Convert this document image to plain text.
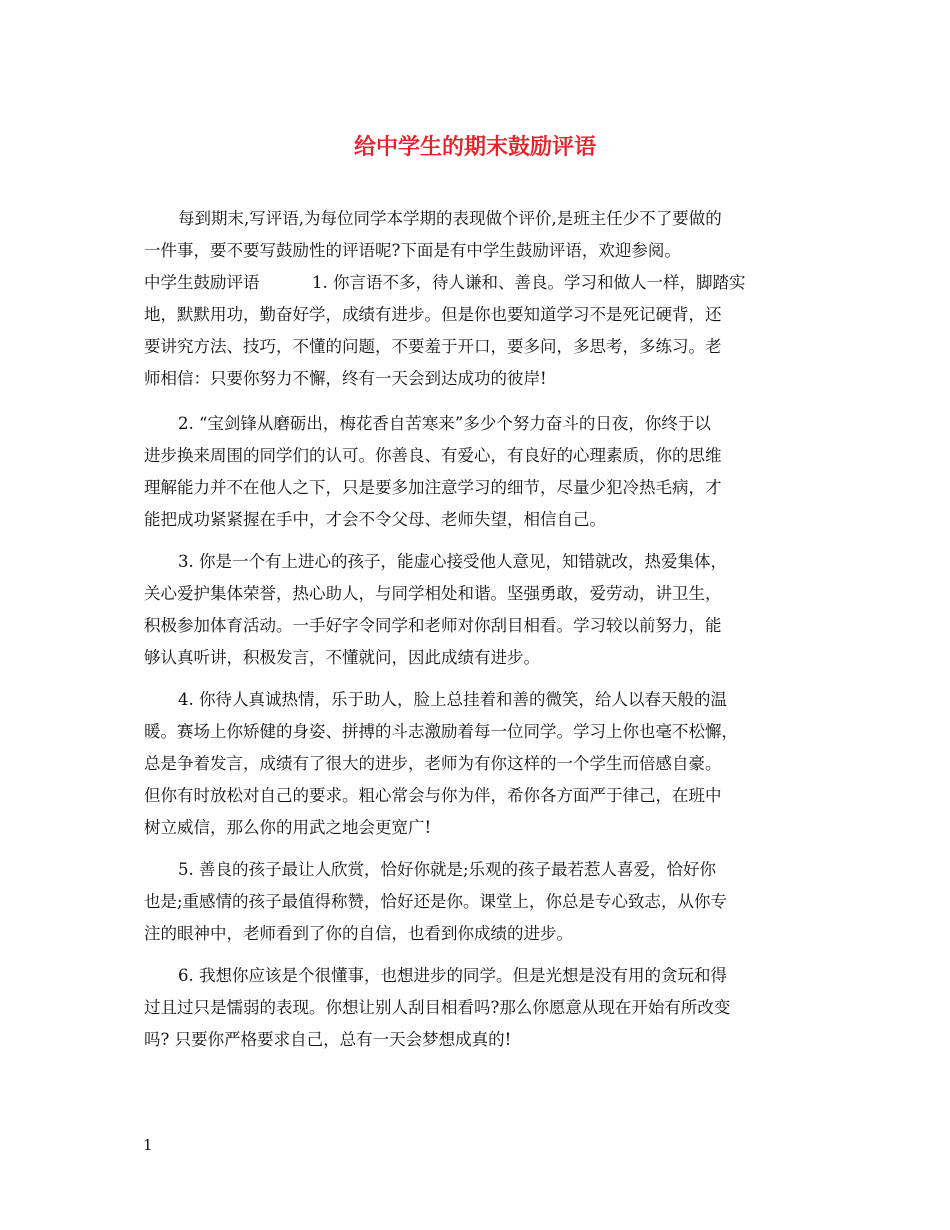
给中学生的期末鼓励评语

每到期末,写评语,为每位同学本学期的表现做个评价,是班主任少不了要做的

一件事，要不要写鼓励性的评语呢?下面是有中学生鼓励评语，欢迎参阅。

中学生鼓励评语	1. 你言语不多，待人谦和、善良。学习和做人一样，脚踏实

地，默默用功，勤奋好学，成绩有进步。但是你也要知道学习不是死记硬背，还

要讲究方法、技巧，不懂的问题，不要羞于开口，要多问，多思考，多练习。老

师相信：只要你努力不懈，终有一天会到达成功的彼岸!

2. “宝剑锋从磨砺出，梅花香自苦寒来”多少个努力奋斗的日夜，你终于以

进步换来周围的同学们的认可。你善良、有爱心，有良好的心理素质，你的思维

理解能力并不在他人之下，只是要多加注意学习的细节，尽量少犯冷热毛病，才

能把成功紧紧握在手中，才会不令父母、老师失望，相信自己。

3. 你是一个有上进心的孩子，能虚心接受他人意见，知错就改，热爱集体，

关心爱护集体荣誉，热心助人，与同学相处和谐。坚强勇敢，爱劳动，讲卫生，

积极参加体育活动。一手好字令同学和老师对你刮目相看。学习较以前努力，能

够认真听讲，积极发言，不懂就问，因此成绩有进步。

4. 你待人真诚热情，乐于助人，脸上总挂着和善的微笑，给人以春天般的温

暖。赛场上你矫健的身姿、拼搏的斗志激励着每一位同学。学习上你也毫不松懈，

总是争着发言，成绩有了很大的进步，老师为有你这样的一个学生而倍感自豪。

但你有时放松对自己的要求。粗心常会与你为伴，希你各方面严于律己，在班中

树立威信，那么你的用武之地会更宽广!

5. 善良的孩子最让人欣赏，恰好你就是;乐观的孩子最若惹人喜爱，恰好你

也是;重感情的孩子最值得称赞，恰好还是你。课堂上，你总是专心致志，从你专

注的眼神中，老师看到了你的自信，也看到你成绩的进步。

6. 我想你应该是个很懂事，也想进步的同学。但是光想是没有用的贪玩和得

过且过只是懦弱的表现。你想让别人刮目相看吗?那么你愿意从现在开始有所改变

吗? 只要你严格要求自己，总有一天会梦想成真的!

1
